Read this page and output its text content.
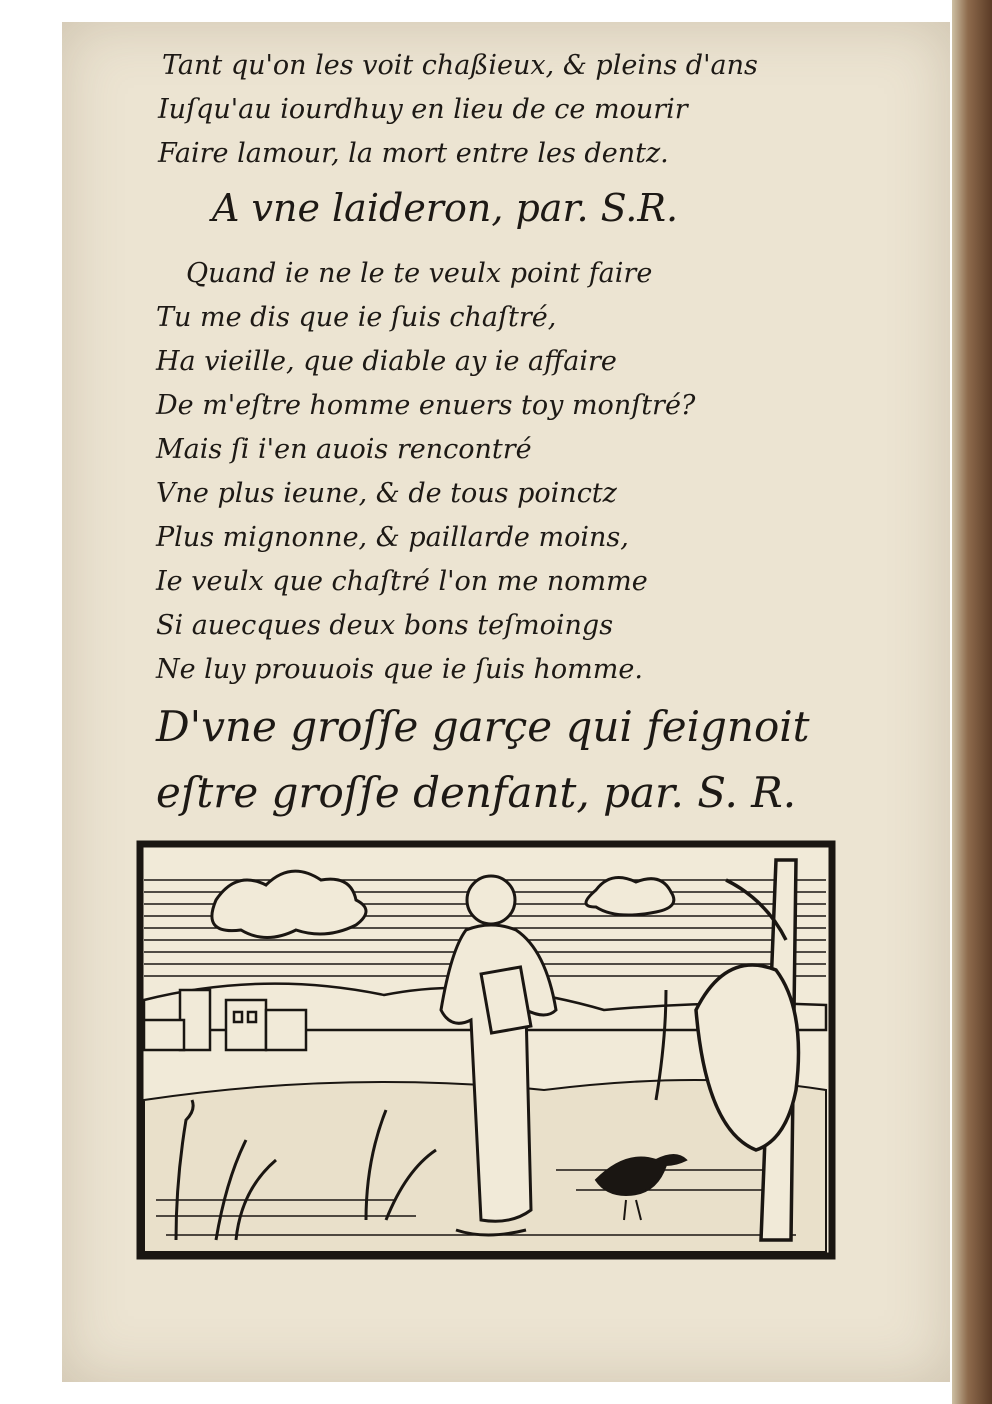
Tant qu'on les voit chaßieux, & pleins d'ans
Iuſqu'au iourdhuy en lieu de ce mourir
Faire lamour, la mort entre les dentz.
A vne laideron, par. S.R.
Quand ie ne le te veulx point faire
Tu me dis que ie ſuis chaſtré,
Ha vieille, que diable ay ie affaire
De m'eſtre homme enuers toy monſtré?
Mais ſi i'en auois rencontré
Vne plus ieune, & de tous poinctz
Plus mignonne, & paillarde moins,
Ie veulx que chaſtré l'on me nomme
Si auecques deux bons teſmoings
Ne luy prouuois que ie ſuis homme.
D'vne groſſe garçe qui feignoit
eſtre groſſe denfant, par. S. R.
